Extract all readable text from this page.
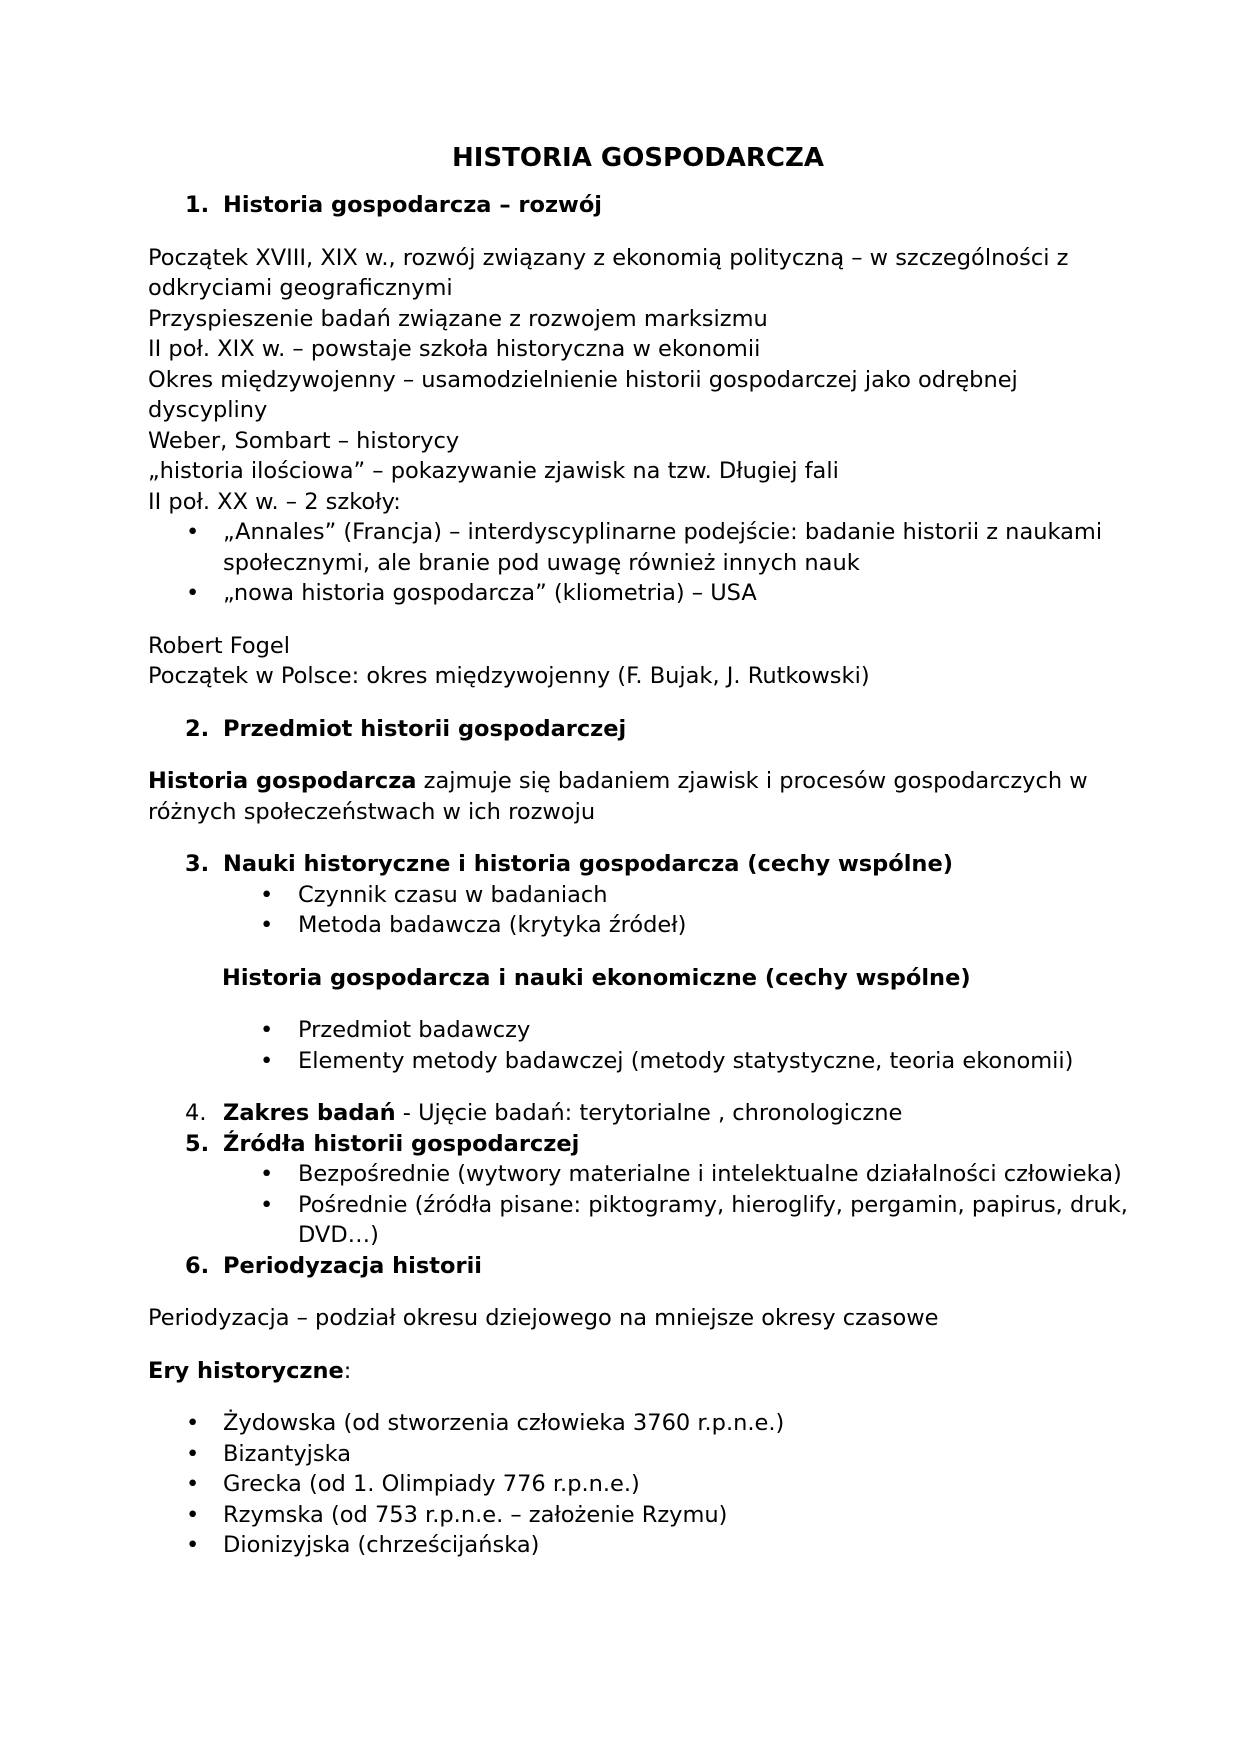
HISTORIA GOSPODARCZA
1. Historia gospodarcza – rozwój

Początek XVIII, XIX w., rozwój związany z ekonomią polityczną – w szczególności z odkryciami geograficznymi

Przyspieszenie badań związane z rozwojem marksizmu

II poł. XIX w. – powstaje szkoła historyczna w ekonomii

Okres międzywojenny – usamodzielnienie historii gospodarczej jako odrębnej dyscypliny

Weber, Sombart – historycy

„historia ilościowa” – pokazywanie zjawisk na tzw. Długiej fali

II poł. XX w. – 2 szkoły:

• „Annales” (Francja) – interdyscyplinarne podejście: badanie historii z naukami społecznymi, ale branie pod uwagę również innych nauk
• „nowa historia gospodarcza” (kliometria) – USA

Robert Fogel

Początek w Polsce: okres międzywojenny (F. Bujak, J. Rutkowski)

2. Przedmiot historii gospodarczej

Historia gospodarcza zajmuje się badaniem zjawisk i procesów gospodarczych w różnych społeczeństwach w ich rozwoju

3. Nauki historyczne i historia gospodarcza (cechy wspólne)
• Czynnik czasu w badaniach
• Metoda badawcza (krytyka źródeł)
Historia gospodarcza i nauki ekonomiczne (cechy wspólne)
• Przedmiot badawczy
• Elementy metody badawczej (metody statystyczne, teoria ekonomii)
4. Zakres badań - Ujęcie badań: terytorialne , chronologiczne
5. Źródła historii gospodarczej
• Bezpośrednie (wytwory materialne i intelektualne działalności człowieka)
• Pośrednie (źródła pisane: piktogramy, hieroglify, pergamin, papirus, druk, DVD…)
6. Periodyzacja historii

Periodyzacja – podział okresu dziejowego na mniejsze okresy czasowe

Ery historyczne:

• Żydowska (od stworzenia człowieka 3760 r.p.n.e.)
• Bizantyjska
• Grecka (od 1. Olimpiady 776 r.p.n.e.)
• Rzymska (od 753 r.p.n.e. – założenie Rzymu)
• Dionizyjska (chrześcijańska)
